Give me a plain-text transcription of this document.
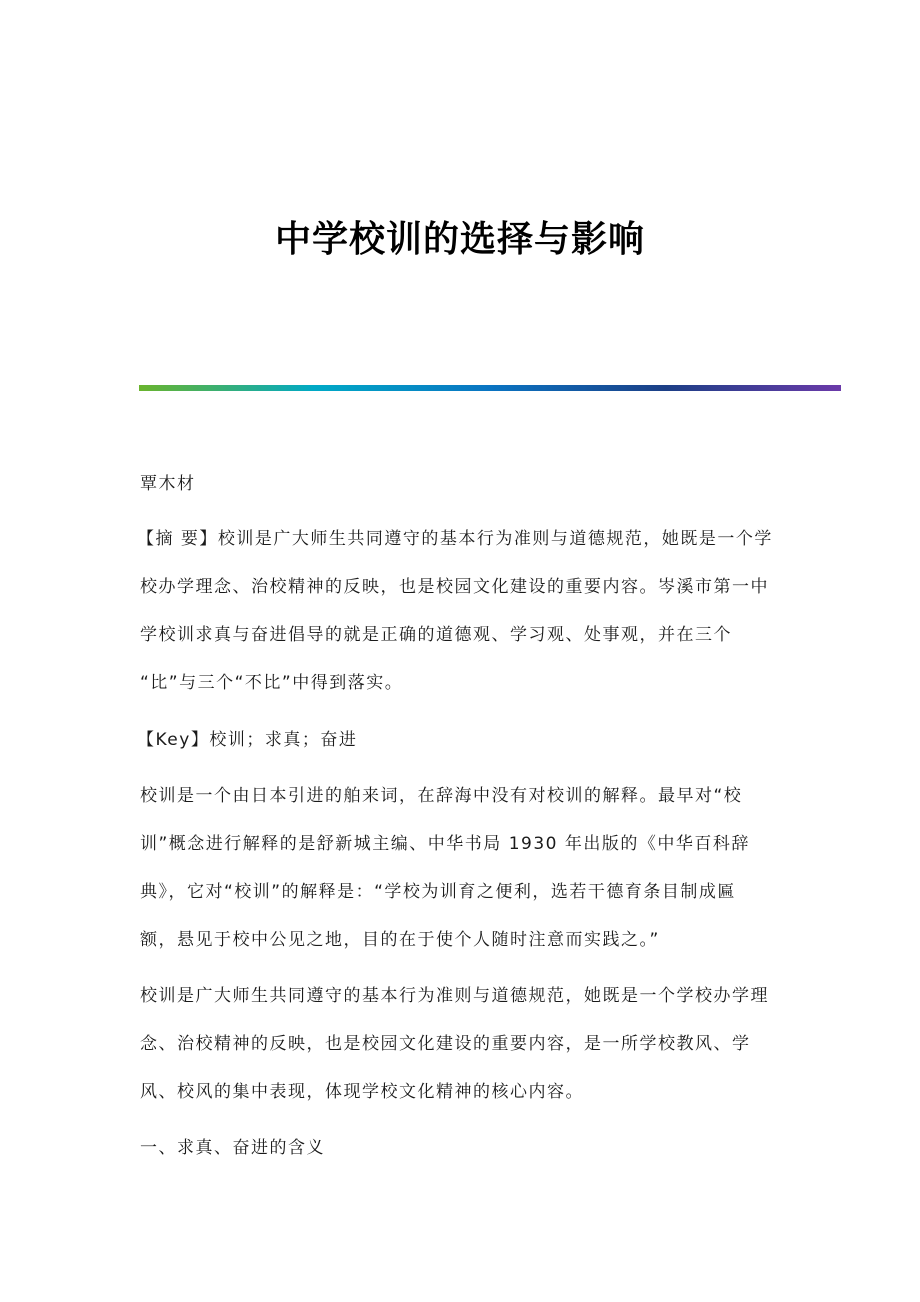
中学校训的选择与影响
覃木材
【摘 要】校训是广大师生共同遵守的基本行为准则与道德规范，她既是一个学
校办学理念、治校精神的反映，也是校园文化建设的重要内容。岑溪市第一中
学校训求真与奋进倡导的就是正确的道德观、学习观、处事观，并在三个
“比”与三个“不比”中得到落实。
【Key】校训；求真；奋进
校训是一个由日本引进的舶来词，在辞海中没有对校训的解释。最早对“校
训”概念进行解释的是舒新城主编、中华书局 1930 年出版的《中华百科辞
典》，它对“校训”的解释是：“学校为训育之便利，选若干德育条目制成匾
额，悬见于校中公见之地，目的在于使个人随时注意而实践之。”
校训是广大师生共同遵守的基本行为准则与道德规范，她既是一个学校办学理
念、治校精神的反映，也是校园文化建设的重要内容，是一所学校教风、学
风、校风的集中表现，体现学校文化精神的核心内容。
一、求真、奋进的含义
